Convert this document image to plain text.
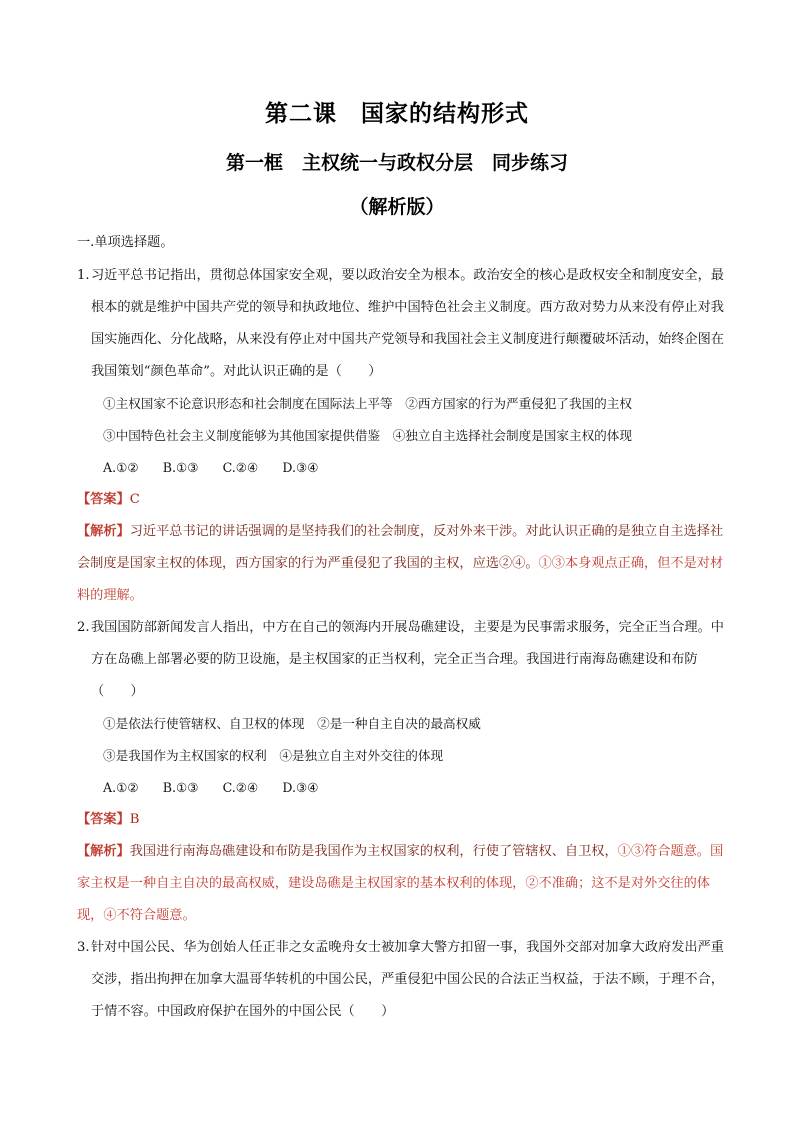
第二课　国家的结构形式
第一框　主权统一与政权分层　同步练习
（解析版）
一.单项选择题。
1. 习近平总书记指出，贯彻总体国家安全观，要以政治安全为根本。政治安全的核心是政权安全和制度安全，最根本的就是维护中国共产党的领导和执政地位、维护中国特色社会主义制度。西方敌对势力从来没有停止对我国实施西化、分化战略，从来没有停止对中国共产党领导和我国社会主义制度进行颠覆破坏活动，始终企图在我国策划“颜色革命”。对此认识正确的是（　　）
①主权国家不论意识形态和社会制度在国际法上平等　②西方国家的行为严重侵犯了我国的主权
③中国特色社会主义制度能够为其他国家提供借鉴　④独立自主选择社会制度是国家主权的体现
A.①② B.①③ C.②④ D.③④
【答案】C
【解析】习近平总书记的讲话强调的是坚持我们的社会制度，反对外来干涉。对此认识正确的是独立自主选择社会制度是国家主权的体现，西方国家的行为严重侵犯了我国的主权，应选②④。①③本身观点正确，但不是对材料的理解。
2. 我国国防部新闻发言人指出，中方在自己的领海内开展岛礁建设，主要是为民事需求服务，完全正当合理。中方在岛礁上部署必要的防卫设施，是主权国家的正当权利，完全正当合理。我国进行南海岛礁建设和布防（　　）
①是依法行使管辖权、自卫权的体现　②是一种自主自决的最高权威
③是我国作为主权国家的权利　④是独立自主对外交往的体现
A.①② B.①③ C.②④ D.③④
【答案】B
【解析】我国进行南海岛礁建设和布防是我国作为主权国家的权利，行使了管辖权、自卫权，①③符合题意。国家主权是一种自主自决的最高权威，建设岛礁是主权国家的基本权利的体现，②不准确；这不是对外交往的体现，④不符合题意。
3. 针对中国公民、华为创始人任正非之女孟晚舟女士被加拿大警方扣留一事，我国外交部对加拿大政府发出严重交涉，指出拘押在加拿大温哥华转机的中国公民，严重侵犯中国公民的合法正当权益，于法不顾，于理不合，于情不容。中国政府保护在国外的中国公民（　　）
